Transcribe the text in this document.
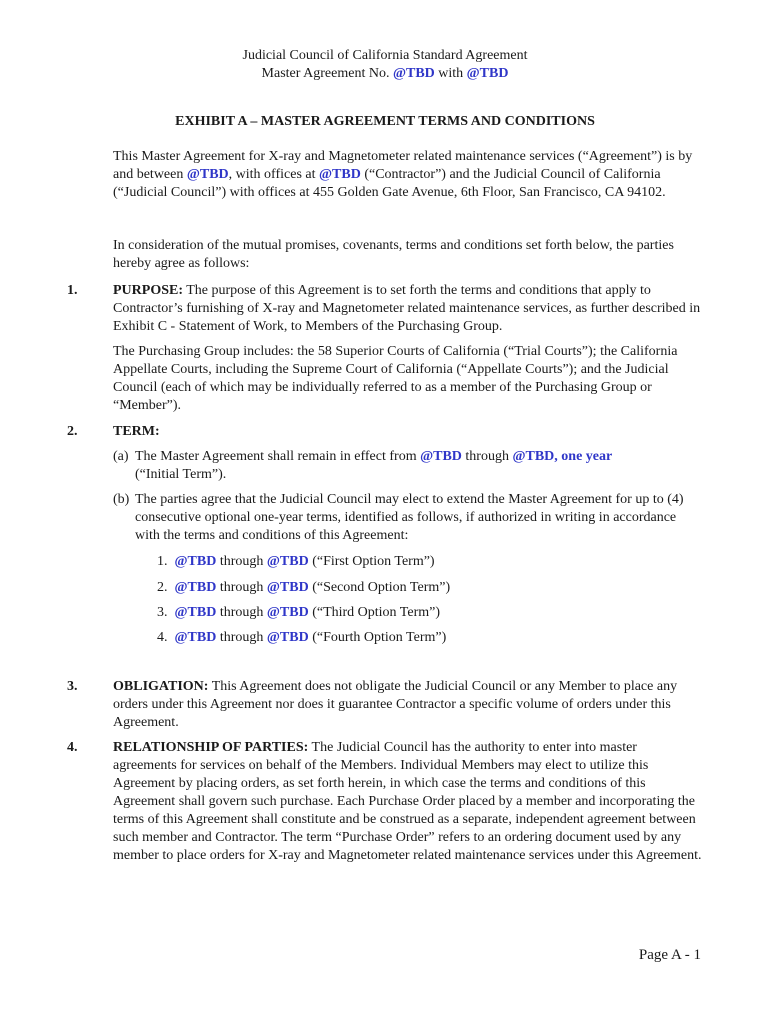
Judicial Council of California Standard Agreement
Master Agreement No. @TBD with @TBD
EXHIBIT A – MASTER AGREEMENT TERMS AND CONDITIONS
This Master Agreement for X-ray and Magnetometer related maintenance services (“Agreement”) is by and between @TBD, with offices at @TBD (“Contractor”) and the Judicial Council of California (“Judicial Council”) with offices at 455 Golden Gate Avenue, 6th Floor, San Francisco, CA 94102.
In consideration of the mutual promises, covenants, terms and conditions set forth below, the parties hereby agree as follows:
1.	PURPOSE: The purpose of this Agreement is to set forth the terms and conditions that apply to Contractor’s furnishing of X-ray and Magnetometer related maintenance services, as further described in Exhibit C - Statement of Work, to Members of the Purchasing Group.
The Purchasing Group includes: the 58 Superior Courts of California (“Trial Courts”); the California Appellate Courts, including the Supreme Court of California (“Appellate Courts”); and the Judicial Council (each of which may be individually referred to as a member of the Purchasing Group or “Member”).
2.	TERM:
(a) The Master Agreement shall remain in effect from @TBD through @TBD, one year
(“Initial Term”).
(b) The parties agree that the Judicial Council may elect to extend the Master Agreement for up to (4) consecutive optional one-year terms, identified as follows, if authorized in writing in accordance with the terms and conditions of this Agreement:
1. @TBD through @TBD (“First Option Term”)
2. @TBD through @TBD (“Second Option Term”)
3. @TBD through @TBD (“Third Option Term”)
4. @TBD through @TBD (“Fourth Option Term”)
3.	OBLIGATION: This Agreement does not obligate the Judicial Council or any Member to place any orders under this Agreement nor does it guarantee Contractor a specific volume of orders under this Agreement.
4.	RELATIONSHIP OF PARTIES: The Judicial Council has the authority to enter into master agreements for services on behalf of the Members. Individual Members may elect to utilize this Agreement by placing orders, as set forth herein, in which case the terms and conditions of this Agreement shall govern such purchase. Each Purchase Order placed by a member and incorporating the terms of this Agreement shall constitute and be construed as a separate, independent agreement between such member and Contractor. The term “Purchase Order” refers to an ordering document used by any member to place orders for X-ray and Magnetometer related maintenance services under this Agreement.
Page A - 1
